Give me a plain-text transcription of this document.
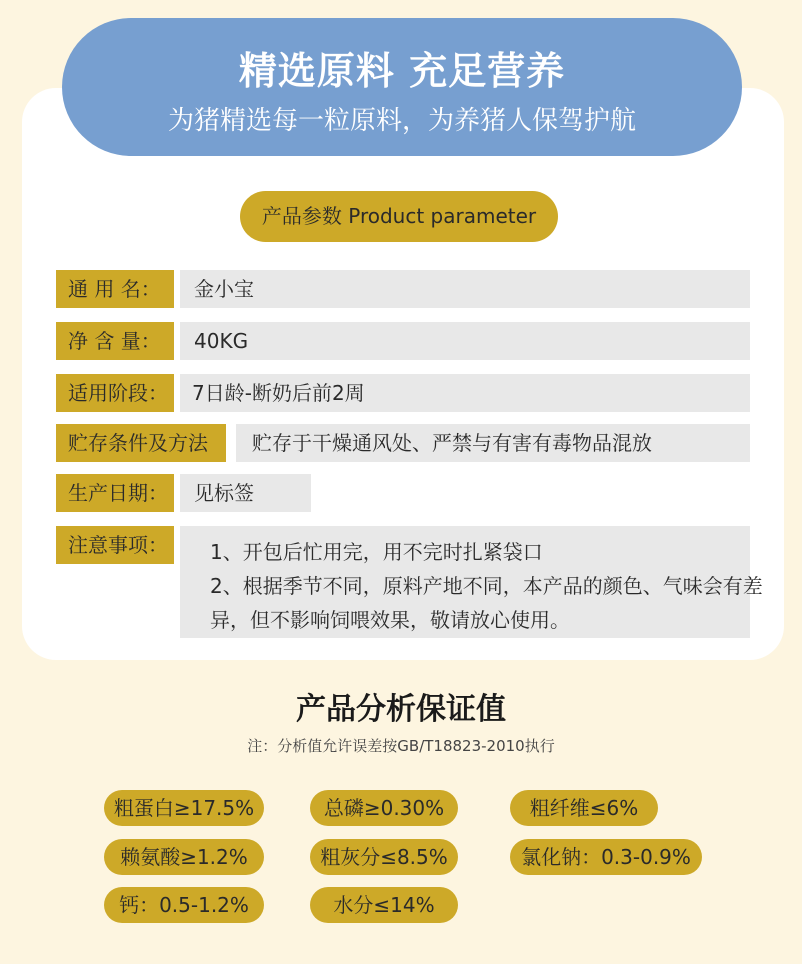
精选原料 充足营养
为猪精选每一粒原料，为养猪人保驾护航
产品参数 Product parameter
通 用 名：	金小宝
净 含 量：	40KG
适用阶段：	7日龄-断奶后前2周
贮存条件及方法	贮存于干燥通风处、严禁与有害有毒物品混放
生产日期：	见标签
注意事项：	1、开包后忙用完，用不完时扎紧袋口
2、根据季节不同，原料产地不同，本产品的颜色、气味会有差
异，但不影响饲喂效果，敬请放心使用。
产品分析保证值
注：分析值允许误差按GB/T18823-2010执行
粗蛋白≥17.5%	总磷≥0.30%	粗纤维≤6%
赖氨酸≥1.2%	粗灰分≤8.5%	氯化钠：0.3-0.9%
钙：0.5-1.2%	水分≤14%
